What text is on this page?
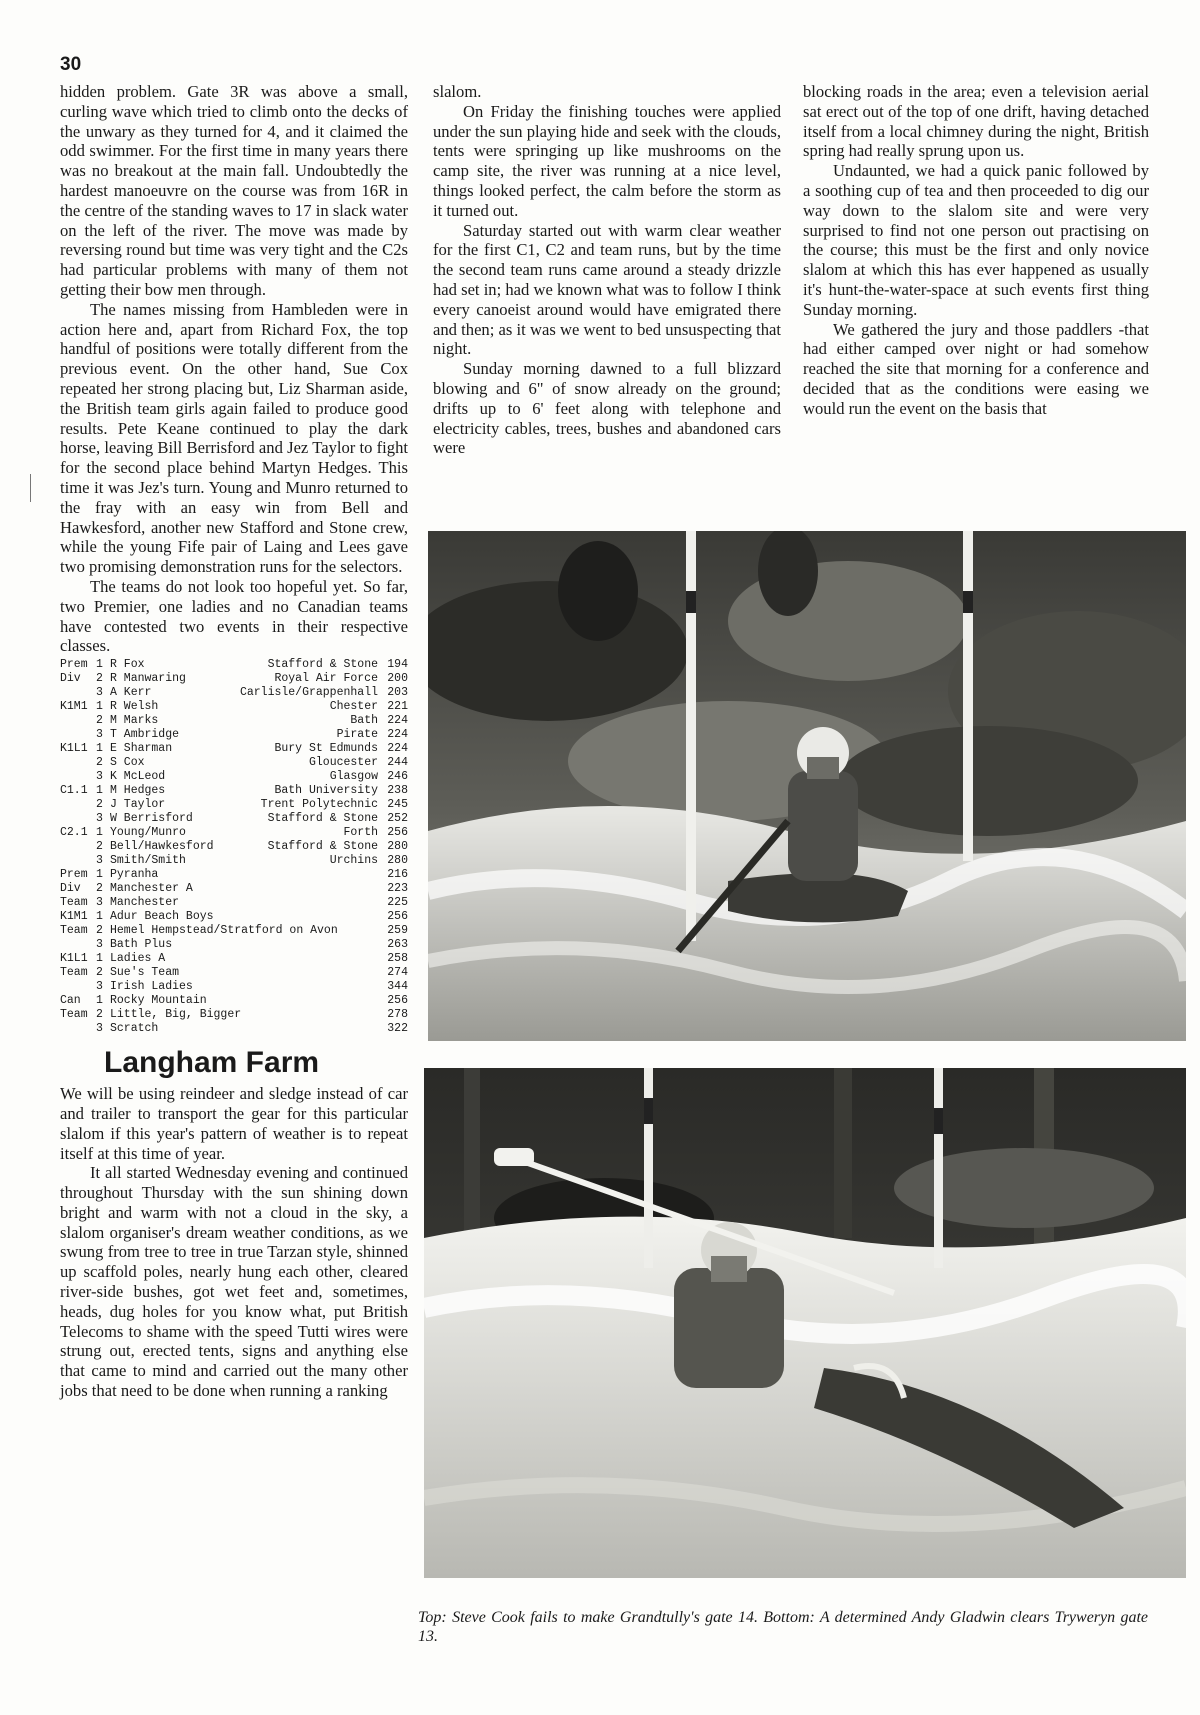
30

hidden problem. Gate 3R was above a small, curling wave which tried to climb onto the decks of the unwary as they turned for 4, and it claimed the odd swimmer. For the first time in many years there was no breakout at the main fall. Undoubtedly the hardest manoeuvre on the course was from 16R in the centre of the standing waves to 17 in slack water on the left of the river. The move was made by reversing round but time was very tight and the C2s had particular problems with many of them not getting their bow men through.

The names missing from Hambleden were in action here and, apart from Richard Fox, the top handful of positions were totally different from the previous event. On the other hand, Sue Cox repeated her strong placing but, Liz Sharman aside, the British team girls again failed to produce good results. Pete Keane continued to play the dark horse, leaving Bill Berrisford and Jez Taylor to fight for the second place behind Martyn Hedges. This time it was Jez's turn. Young and Munro returned to the fray with an easy win from Bell and Hawkesford, another new Stafford and Stone crew, while the young Fife pair of Laing and Lees gave two promising demonstration runs for the selectors.

The teams do not look too hopeful yet. So far, two Premier, one ladies and no Canadian teams have contested two events in their respective classes.

Prem 1 R Fox	Stafford & Stone 194
Div	2 R Manwaring	Royal Air Force 200
3 A Kerr	Carlisle/Grappenhall 203
K1M1 1 R Welsh	Chester 221
2 M Marks	Bath 224
3 T Ambridge	Pirate 224
K1L1 1 E Sharman	Bury St Edmunds 224
2 S Cox	Gloucester 244
3 K McLeod	Glasgow 246
C1.1 1 M Hedges	Bath University 238
2 J Taylor	Trent Polytechnic 245
3 W Berrisford	Stafford & Stone 252
C2.1 1 Young/Munro	Forth 256
2 Bell/Hawkesford	Stafford & Stone 280
3 Smith/Smith	Urchins 280
Prem 1 Pyranha	216
Div	2 Manchester A	223
Team 3 Manchester	225
K1M1 1 Adur Beach Boys	256
Team 2 Hemel Hempstead/Stratford on Avon	259
3 Bath Plus	263
K1L1 1 Ladies A	258
Team 2 Sue's Team	274
3 Irish Ladies	344
Can	1 Rocky Mountain	256
Team 2 Little, Big, Bigger	278
3 Scratch	322
Langham Farm

We will be using reindeer and sledge instead of car and trailer to transport the gear for this particular slalom if this year's pattern of weather is to repeat itself at this time of year.

It all started Wednesday evening and continued throughout Thursday with the sun shining down bright and warm with not a cloud in the sky, a slalom organiser's dream weather conditions, as we swung from tree to tree in true Tarzan style, shinned up scaffold poles, nearly hung each other, cleared river-side bushes, got wet feet and, sometimes, heads, dug holes for you know what, put British Telecoms to shame with the speed Tutti wires were strung out, erected tents, signs and anything else that came to mind and carried out the many other jobs that need to be done when running a ranking

slalom.

On Friday the finishing touches were applied under the sun playing hide and seek with the clouds, tents were springing up like mushrooms on the camp site, the river was running at a nice level, things looked perfect, the calm before the storm as it turned out.

Saturday started out with warm clear weather for the first C1, C2 and team runs, but by the time the second team runs came around a steady drizzle had set in; had we known what was to follow I think every canoeist around would have emigrated there and then; as it was we went to bed unsuspecting that night.

Sunday morning dawned to a full blizzard blowing and 6" of snow already on the ground; drifts up to 6' feet along with telephone and electricity cables, trees, bushes and abandoned cars were

blocking roads in the area; even a television aerial sat erect out of the top of one drift, having detached itself from a local chimney during the night, British spring had really sprung upon us.

Undaunted, we had a quick panic followed by a soothing cup of tea and then proceeded to dig our way down to the slalom site and were very surprised to find not one person out practising on the course; this must be the first and only novice slalom at which this has ever happened as usually it's hunt-the-water-space at such events first thing Sunday morning.

We gathered the jury and those paddlers -that had either camped over night or had somehow reached the site that morning for a conference and decided that as the conditions were easing we would run the event on the basis that

Top: Steve Cook fails to make Grandtully's gate 14. Bottom: A determined Andy Gladwin clears Tryweryn gate 13.
